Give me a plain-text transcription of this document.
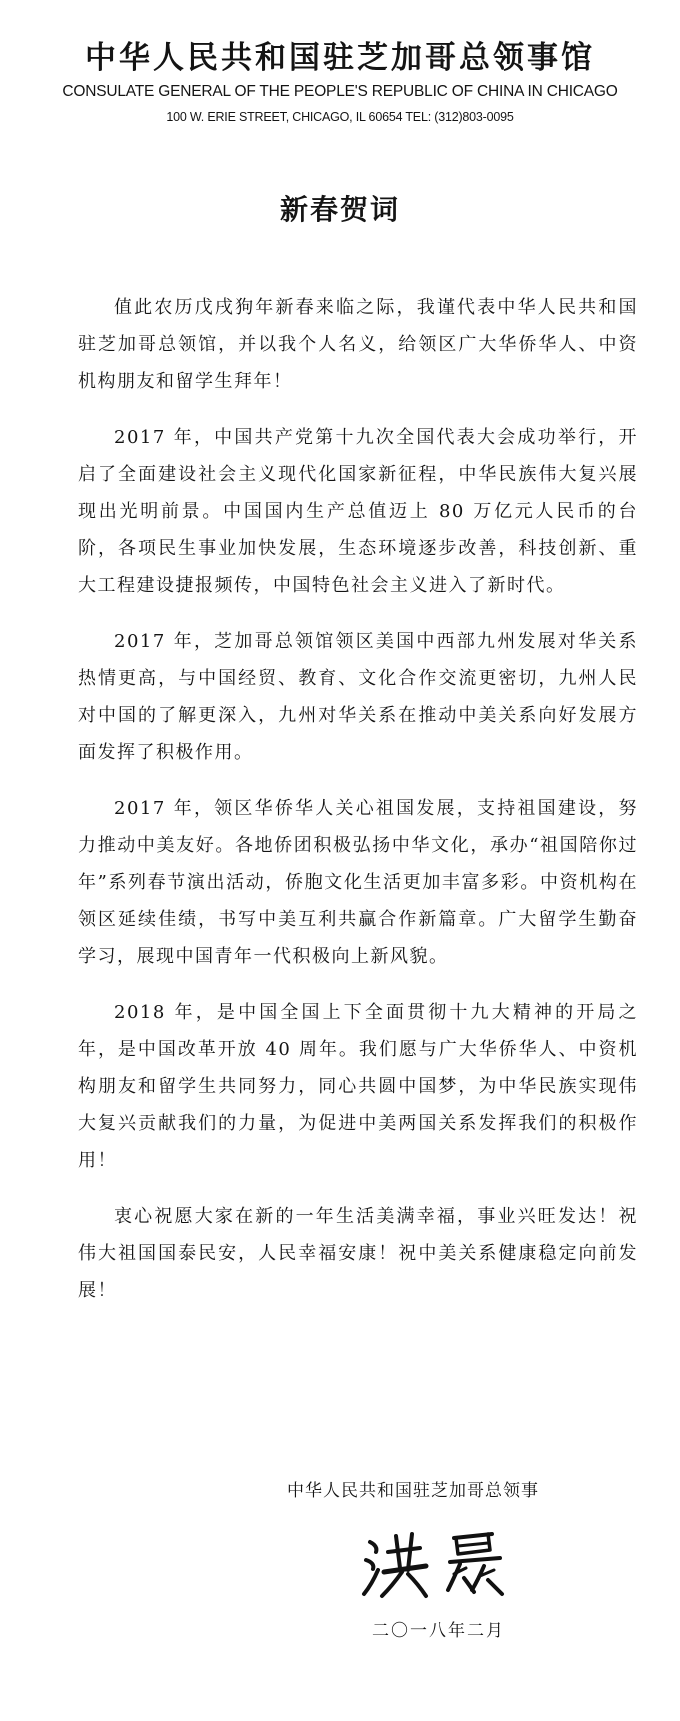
中华人民共和国驻芝加哥总领事馆

CONSULATE GENERAL OF THE PEOPLE'S REPUBLIC OF CHINA IN CHICAGO

100 W. ERIE STREET, CHICAGO, IL 60654 TEL: (312)803-0095

新春贺词

值此农历戊戌狗年新春来临之际，我谨代表中华人民共和国驻芝加哥总领馆，并以我个人名义，给领区广大华侨华人、中资机构朋友和留学生拜年！

2017 年，中国共产党第十九次全国代表大会成功举行，开启了全面建设社会主义现代化国家新征程，中华民族伟大复兴展现出光明前景。中国国内生产总值迈上 80 万亿元人民币的台阶，各项民生事业加快发展，生态环境逐步改善，科技创新、重大工程建设捷报频传，中国特色社会主义进入了新时代。

2017 年，芝加哥总领馆领区美国中西部九州发展对华关系热情更高，与中国经贸、教育、文化合作交流更密切，九州人民对中国的了解更深入，九州对华关系在推动中美关系向好发展方面发挥了积极作用。

2017 年，领区华侨华人关心祖国发展，支持祖国建设，努力推动中美友好。各地侨团积极弘扬中华文化，承办“祖国陪你过年”系列春节演出活动，侨胞文化生活更加丰富多彩。中资机构在领区延续佳绩，书写中美互利共赢合作新篇章。广大留学生勤奋学习，展现中国青年一代积极向上新风貌。

2018 年，是中国全国上下全面贯彻十九大精神的开局之年，是中国改革开放 40 周年。我们愿与广大华侨华人、中资机构朋友和留学生共同努力，同心共圆中国梦，为中华民族实现伟大复兴贡献我们的力量，为促进中美两国关系发挥我们的积极作用！

衷心祝愿大家在新的一年生活美满幸福，事业兴旺发达！祝伟大祖国国泰民安，人民幸福安康！祝中美关系健康稳定向前发展！

中华人民共和国驻芝加哥总领事

二〇一八年二月
